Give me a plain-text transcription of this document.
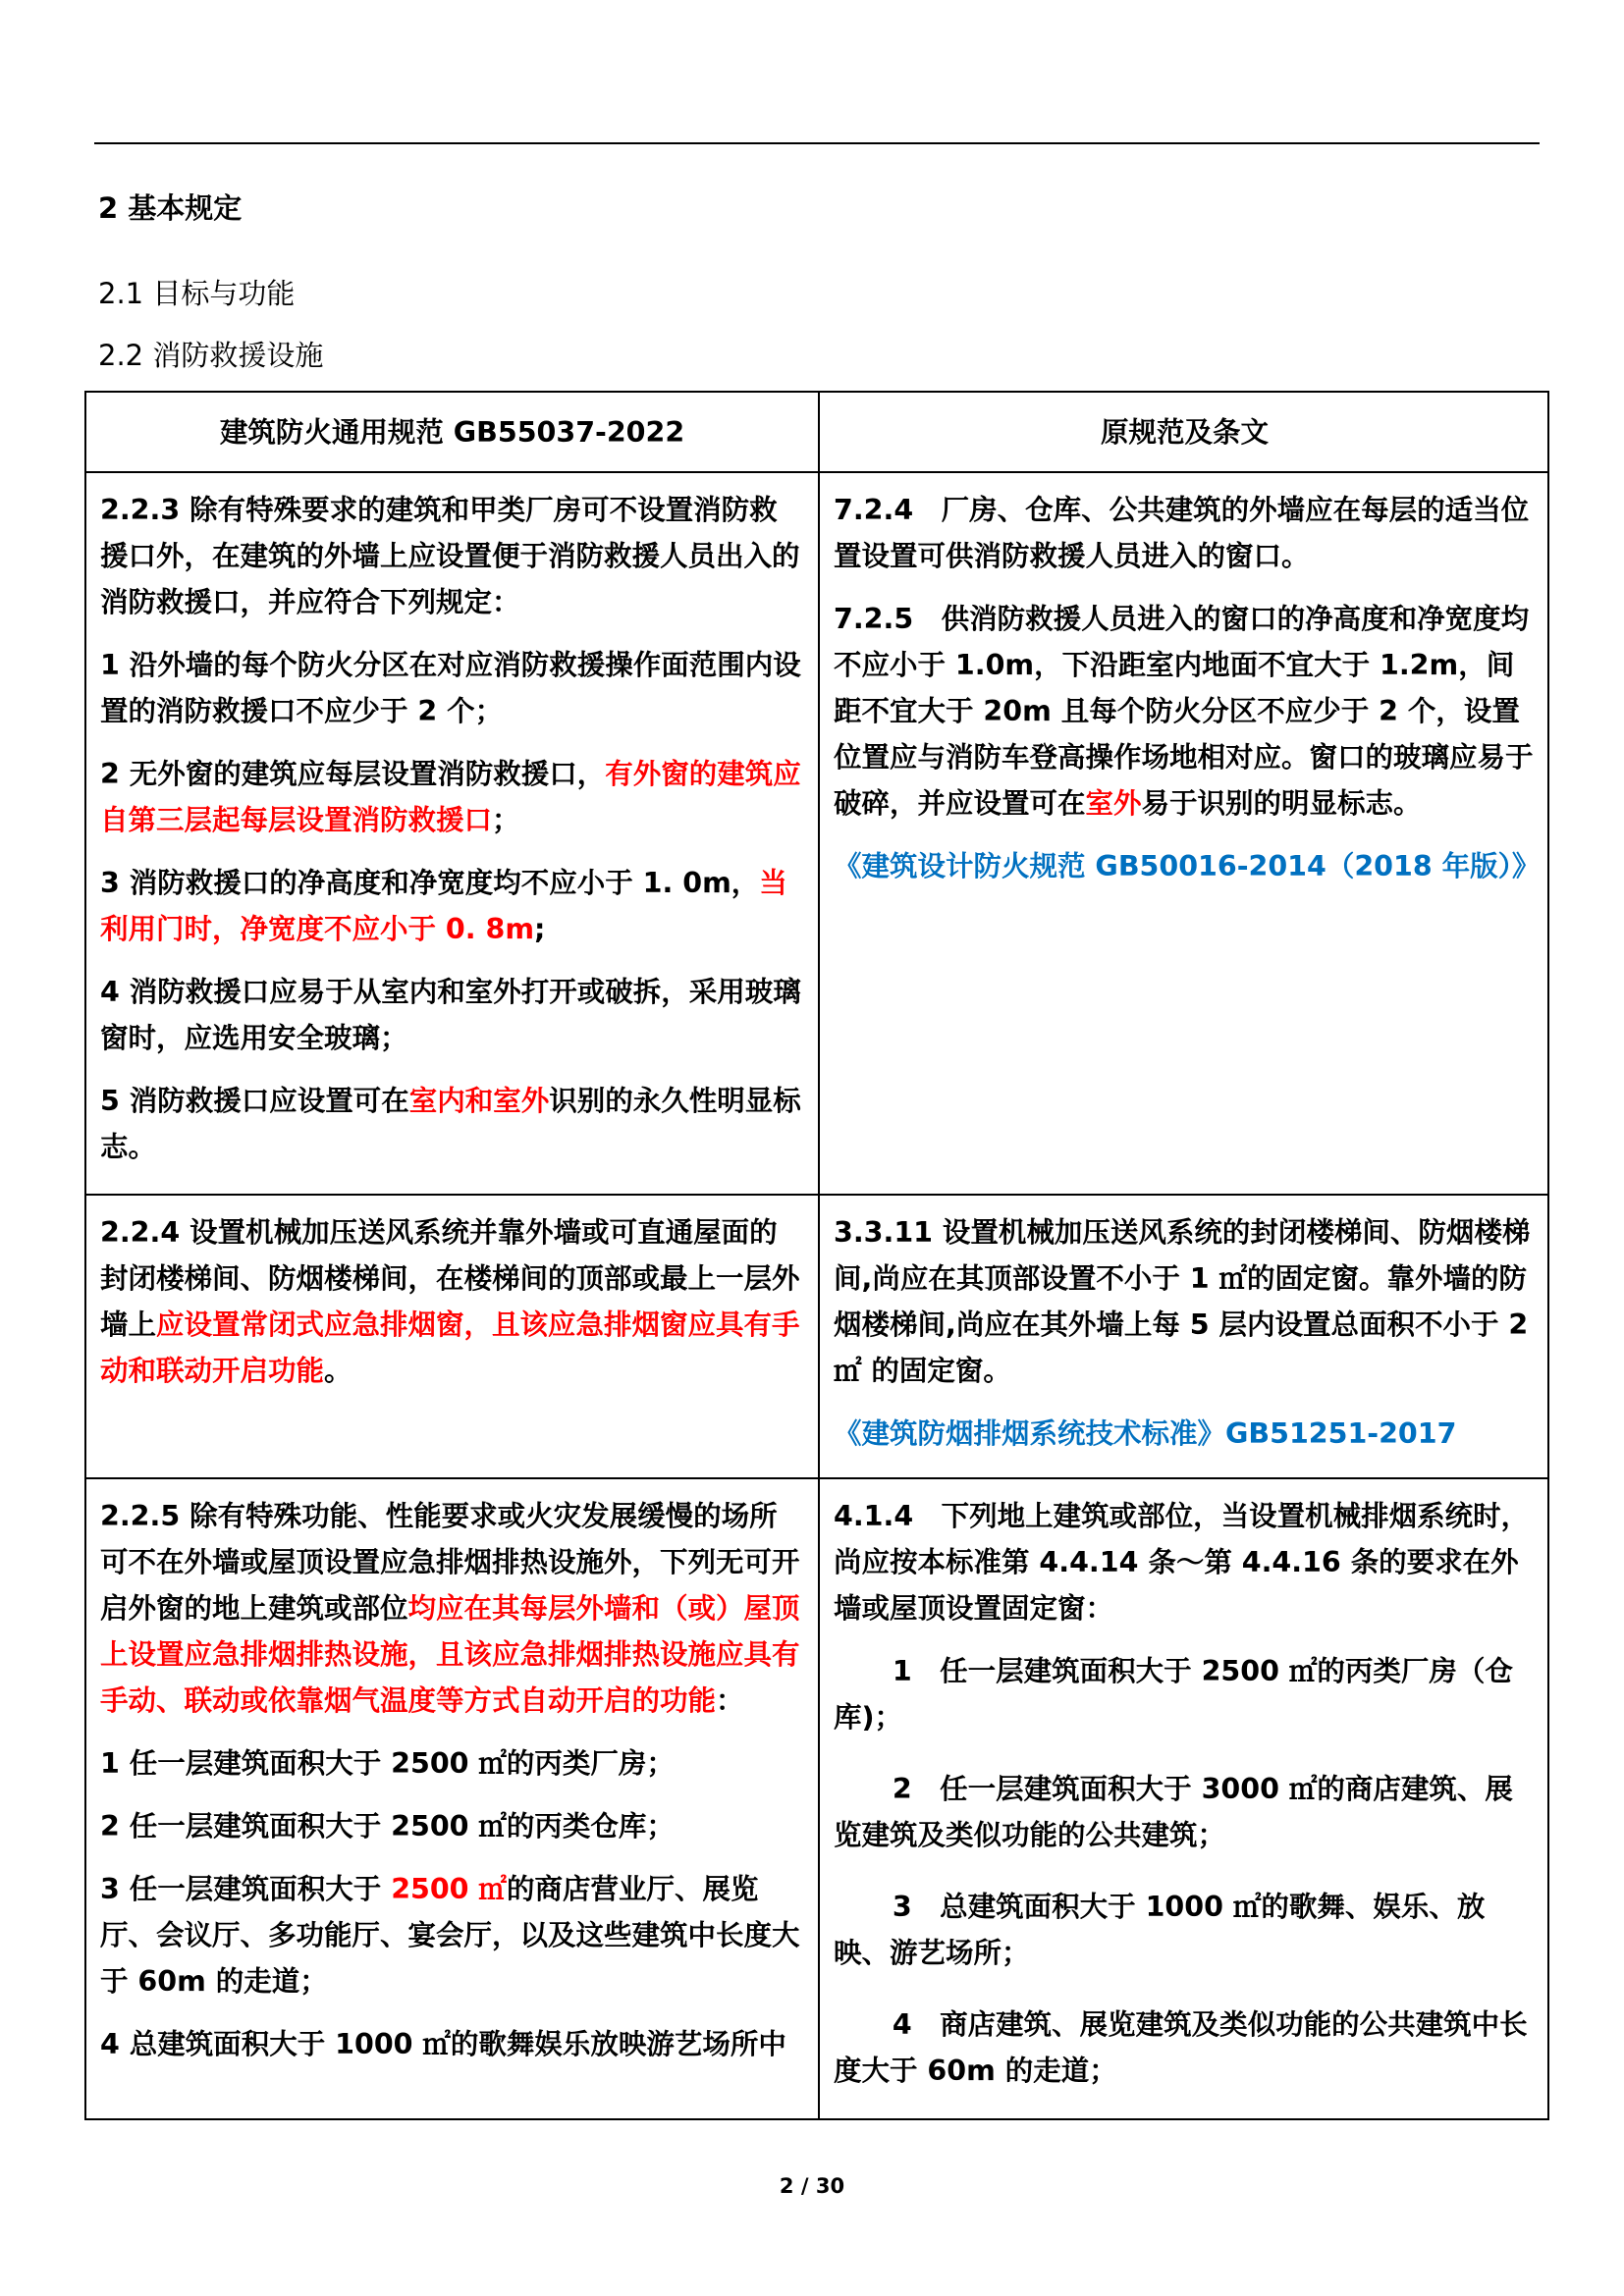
2 基本规定
2.1 目标与功能
2.2 消防救援设施
建筑防火通用规范 GB55037-2022	原规范及条文

2.2.3 除有特殊要求的建筑和甲类厂房可不设置消防救援口外，在建筑的外墙上应设置便于消防救援人员出入的消防救援口，并应符合下列规定：

1 沿外墙的每个防火分区在对应消防救援操作面范围内设置的消防救援口不应少于 2 个；

2 无外窗的建筑应每层设置消防救援口，有外窗的建筑应自第三层起每层设置消防救援口；

3 消防救援口的净高度和净宽度均不应小于 1. 0m，当利用门时，净宽度不应小于 0. 8m;

4 消防救援口应易于从室内和室外打开或破拆，采用玻璃窗时，应选用安全玻璃；

5 消防救援口应设置可在室内和室外识别的永久性明显标志。

7.2.4　厂房、仓库、公共建筑的外墙应在每层的适当位置设置可供消防救援人员进入的窗口。

7.2.5　供消防救援人员进入的窗口的净高度和净宽度均不应小于 1.0m，下沿距室内地面不宜大于 1.2m，间距不宜大于 20m 且每个防火分区不应少于 2 个，设置位置应与消防车登高操作场地相对应。窗口的玻璃应易于破碎，并应设置可在室外易于识别的明显标志。

《建筑设计防火规范 GB50016-2014（2018 年版）》

2.2.4 设置机械加压送风系统并靠外墙或可直通屋面的封闭楼梯间、防烟楼梯间，在楼梯间的顶部或最上一层外墙上应设置常闭式应急排烟窗，且该应急排烟窗应具有手动和联动开启功能。

3.3.11 设置机械加压送风系统的封闭楼梯间、防烟楼梯间,尚应在其顶部设置不小于 1 ㎡的固定窗。靠外墙的防烟楼梯间,尚应在其外墙上每 5 层内设置总面积不小于 2 ㎡ 的固定窗。

《建筑防烟排烟系统技术标准》GB51251-2017

2.2.5 除有特殊功能、性能要求或火灾发展缓慢的场所可不在外墙或屋顶设置应急排烟排热设施外，下列无可开启外窗的地上建筑或部位均应在其每层外墙和（或）屋顶上设置应急排烟排热设施，且该应急排烟排热设施应具有手动、联动或依靠烟气温度等方式自动开启的功能：

1 任一层建筑面积大于 2500 ㎡的丙类厂房；

2 任一层建筑面积大于 2500 ㎡的丙类仓库；

3 任一层建筑面积大于 2500 ㎡的商店营业厅、展览厅、会议厅、多功能厅、宴会厅，以及这些建筑中长度大于 60m 的走道；

4 总建筑面积大于 1000 ㎡的歌舞娱乐放映游艺场所中

4.1.4　下列地上建筑或部位，当设置机械排烟系统时，尚应按本标准第 4.4.14 条～第 4.4.16 条的要求在外墙或屋顶设置固定窗：

1　任一层建筑面积大于 2500 ㎡的丙类厂房（仓库)；

2　任一层建筑面积大于 3000 ㎡的商店建筑、展览建筑及类似功能的公共建筑；

3　总建筑面积大于 1000 ㎡的歌舞、娱乐、放映、游艺场所；

4　商店建筑、展览建筑及类似功能的公共建筑中长度大于 60m 的走道；

2 / 30
